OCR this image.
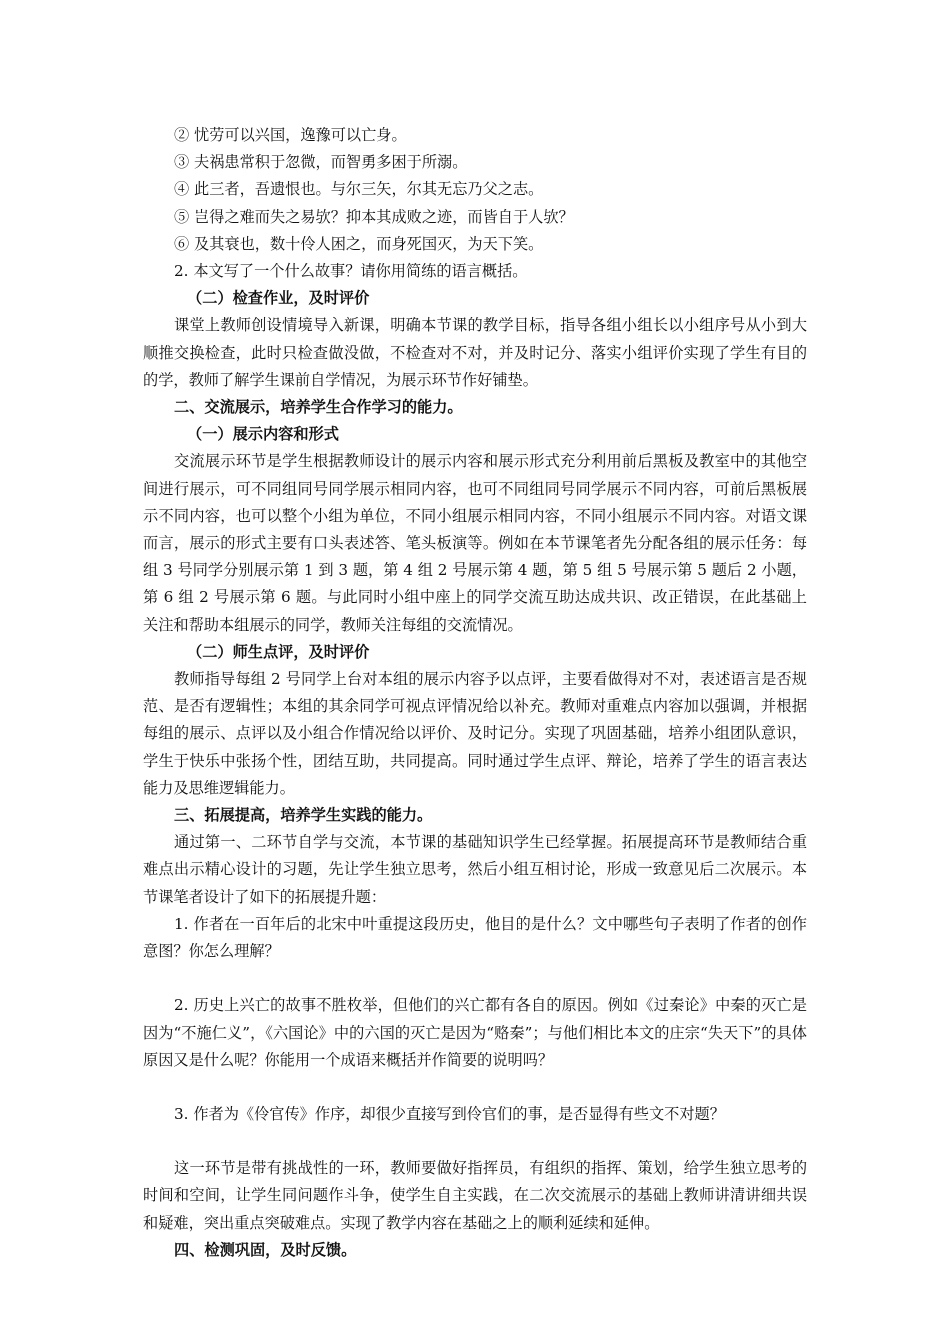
② 忧劳可以兴国，逸豫可以亡身。

③ 夫祸患常积于忽微，而智勇多困于所溺。

④ 此三者，吾遗恨也。与尔三矢，尔其无忘乃父之志。

⑤ 岂得之难而失之易欤？抑本其成败之迹，而皆自于人欤？

⑥ 及其衰也，数十伶人困之，而身死国灭，为天下笑。

2. 本文写了一个什么故事？请你用简练的语言概括。

（二）检查作业，及时评价

课堂上教师创设情境导入新课，明确本节课的教学目标，指导各组小组长以小组序号从小到大顺推交换检查，此时只检查做没做，不检查对不对，并及时记分、落实小组评价实现了学生有目的的学，教师了解学生课前自学情况，为展示环节作好铺垫。

二、交流展示，培养学生合作学习的能力。

（一）展示内容和形式

交流展示环节是学生根据教师设计的展示内容和展示形式充分利用前后黑板及教室中的其他空间进行展示，可不同组同号同学展示相同内容，也可不同组同号同学展示不同内容，可前后黑板展示不同内容，也可以整个小组为单位，不同小组展示相同内容，不同小组展示不同内容。对语文课而言，展示的形式主要有口头表述答、笔头板演等。例如在本节课笔者先分配各组的展示任务：每组 3 号同学分别展示第 1 到 3 题，第 4 组 2 号展示第 4 题，第 5 组 5 号展示第 5 题后 2 小题，第 6 组 2 号展示第 6 题。与此同时小组中座上的同学交流互助达成共识、改正错误，在此基础上关注和帮助本组展示的同学，教师关注每组的交流情况。

（二）师生点评，及时评价

教师指导每组 2 号同学上台对本组的展示内容予以点评，主要看做得对不对，表述语言是否规范、是否有逻辑性；本组的其余同学可视点评情况给以补充。教师对重难点内容加以强调，并根据每组的展示、点评以及小组合作情况给以评价、及时记分。实现了巩固基础，培养小组团队意识，学生于快乐中张扬个性，团结互助，共同提高。同时通过学生点评、辩论，培养了学生的语言表达能力及思维逻辑能力。

三、拓展提高，培养学生实践的能力。

通过第一、二环节自学与交流，本节课的基础知识学生已经掌握。拓展提高环节是教师结合重难点出示精心设计的习题，先让学生独立思考，然后小组互相讨论，形成一致意见后二次展示。本节课笔者设计了如下的拓展提升题：

1. 作者在一百年后的北宋中叶重提这段历史，他目的是什么？文中哪些句子表明了作者的创作意图？你怎么理解？

2. 历史上兴亡的故事不胜枚举，但他们的兴亡都有各自的原因。例如《过秦论》中秦的灭亡是因为“不施仁义”，《六国论》中的六国的灭亡是因为“赂秦”；与他们相比本文的庄宗“失天下”的具体原因又是什么呢？你能用一个成语来概括并作简要的说明吗？

3. 作者为《伶官传》作序，却很少直接写到伶官们的事，是否显得有些文不对题？

这一环节是带有挑战性的一环，教师要做好指挥员，有组织的指挥、策划，给学生独立思考的时间和空间，让学生同问题作斗争，使学生自主实践，在二次交流展示的基础上教师讲清讲细共误和疑难，突出重点突破难点。实现了教学内容在基础之上的顺利延续和延伸。

四、检测巩固，及时反馈。
